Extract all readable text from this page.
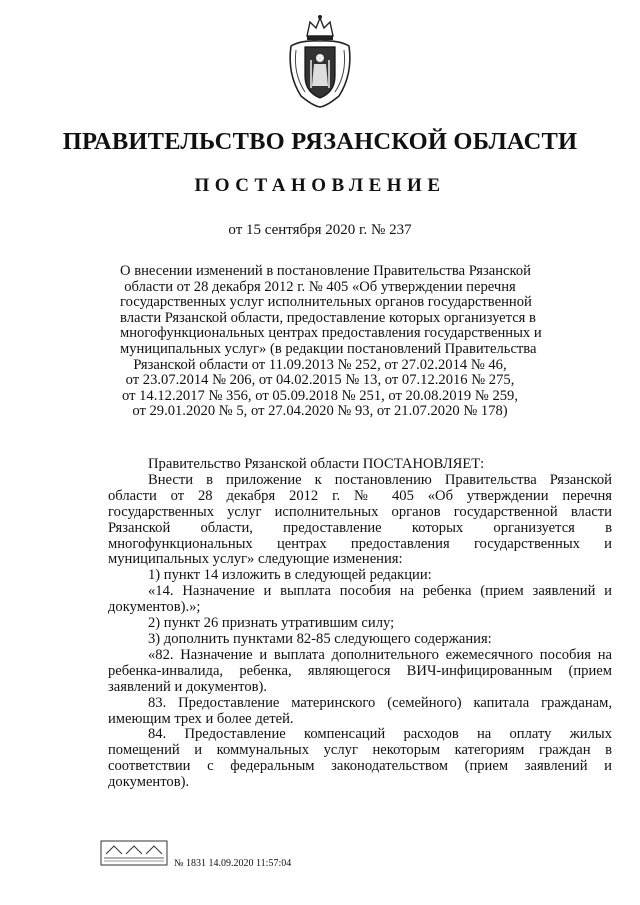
ПРАВИТЕЛЬСТВО РЯЗАНСКОЙ ОБЛАСТИ
ПОСТАНОВЛЕНИЕ
от 15 сентября 2020 г. № 237
О внесении изменений в постановление Правительства Рязанской
области от 28 декабря 2012 г. № 405 «Об утверждении перечня
государственных услуг исполнительных органов государственной
власти Рязанской области, предоставление которых организуется в
многофункциональных центрах предоставления государственных и
муниципальных услуг» (в редакции постановлений Правительства
Рязанской области от 11.09.2013 № 252, от 27.02.2014 № 46,
от 23.07.2014 № 206, от 04.02.2015 № 13, от 07.12.2016 № 275,
от 14.12.2017 № 356, от 05.09.2018 № 251, от 20.08.2019 № 259,
от 29.01.2020 № 5, от 27.04.2020 № 93, от 21.07.2020 № 178)
Правительство Рязанской области ПОСТАНОВЛЯЕТ:
Внести в приложение к постановлению Правительства Рязанской
области от 28 декабря 2012 г. № 405 «Об утверждении перечня
государственных услуг исполнительных органов государственной власти
Рязанской области, предоставление которых организуется в
многофункциональных центрах предоставления государственных и
муниципальных услуг» следующие изменения:
1) пункт 14 изложить в следующей редакции:
«14. Назначение и выплата пособия на ребенка (прием заявлений и
документов).»;
2) пункт 26 признать утратившим силу;
3) дополнить пунктами 82-85 следующего содержания:
«82. Назначение и выплата дополнительного ежемесячного пособия на
ребенка-инвалида, ребенка, являющегося ВИЧ-инфицированным (прием
заявлений и документов).
83. Предоставление материнского (семейного) капитала гражданам,
имеющим трех и более детей.
84. Предоставление компенсаций расходов на оплату жилых
помещений и коммунальных услуг некоторым категориям граждан в
соответствии с федеральным законодательством (прием заявлений и
документов).
№ 1831 14.09.2020 11:57:04
